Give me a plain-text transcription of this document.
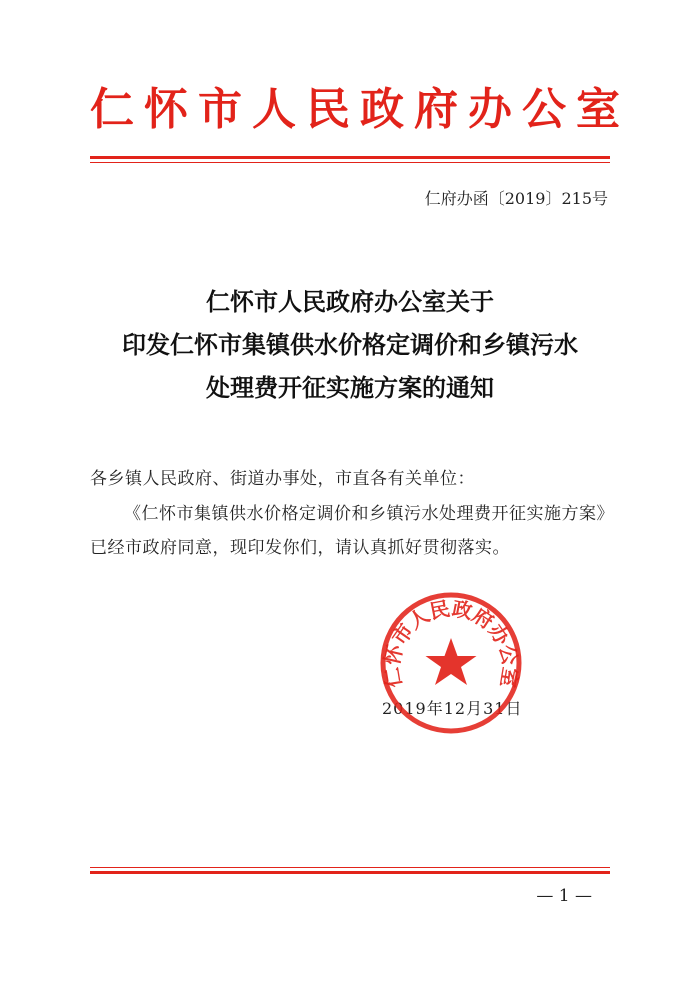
仁怀市人民政府办公室
仁府办函〔2019〕215号
仁怀市人民政府办公室关于
印发仁怀市集镇供水价格定调价和乡镇污水
处理费开征实施方案的通知
各乡镇人民政府、街道办事处，市直各有关单位：
《仁怀市集镇供水价格定调价和乡镇污水处理费开征实施方案》已经市政府同意，现印发你们，请认真抓好贯彻落实。
2019年12月31日
仁怀市人民政府办公室
— 1 —
